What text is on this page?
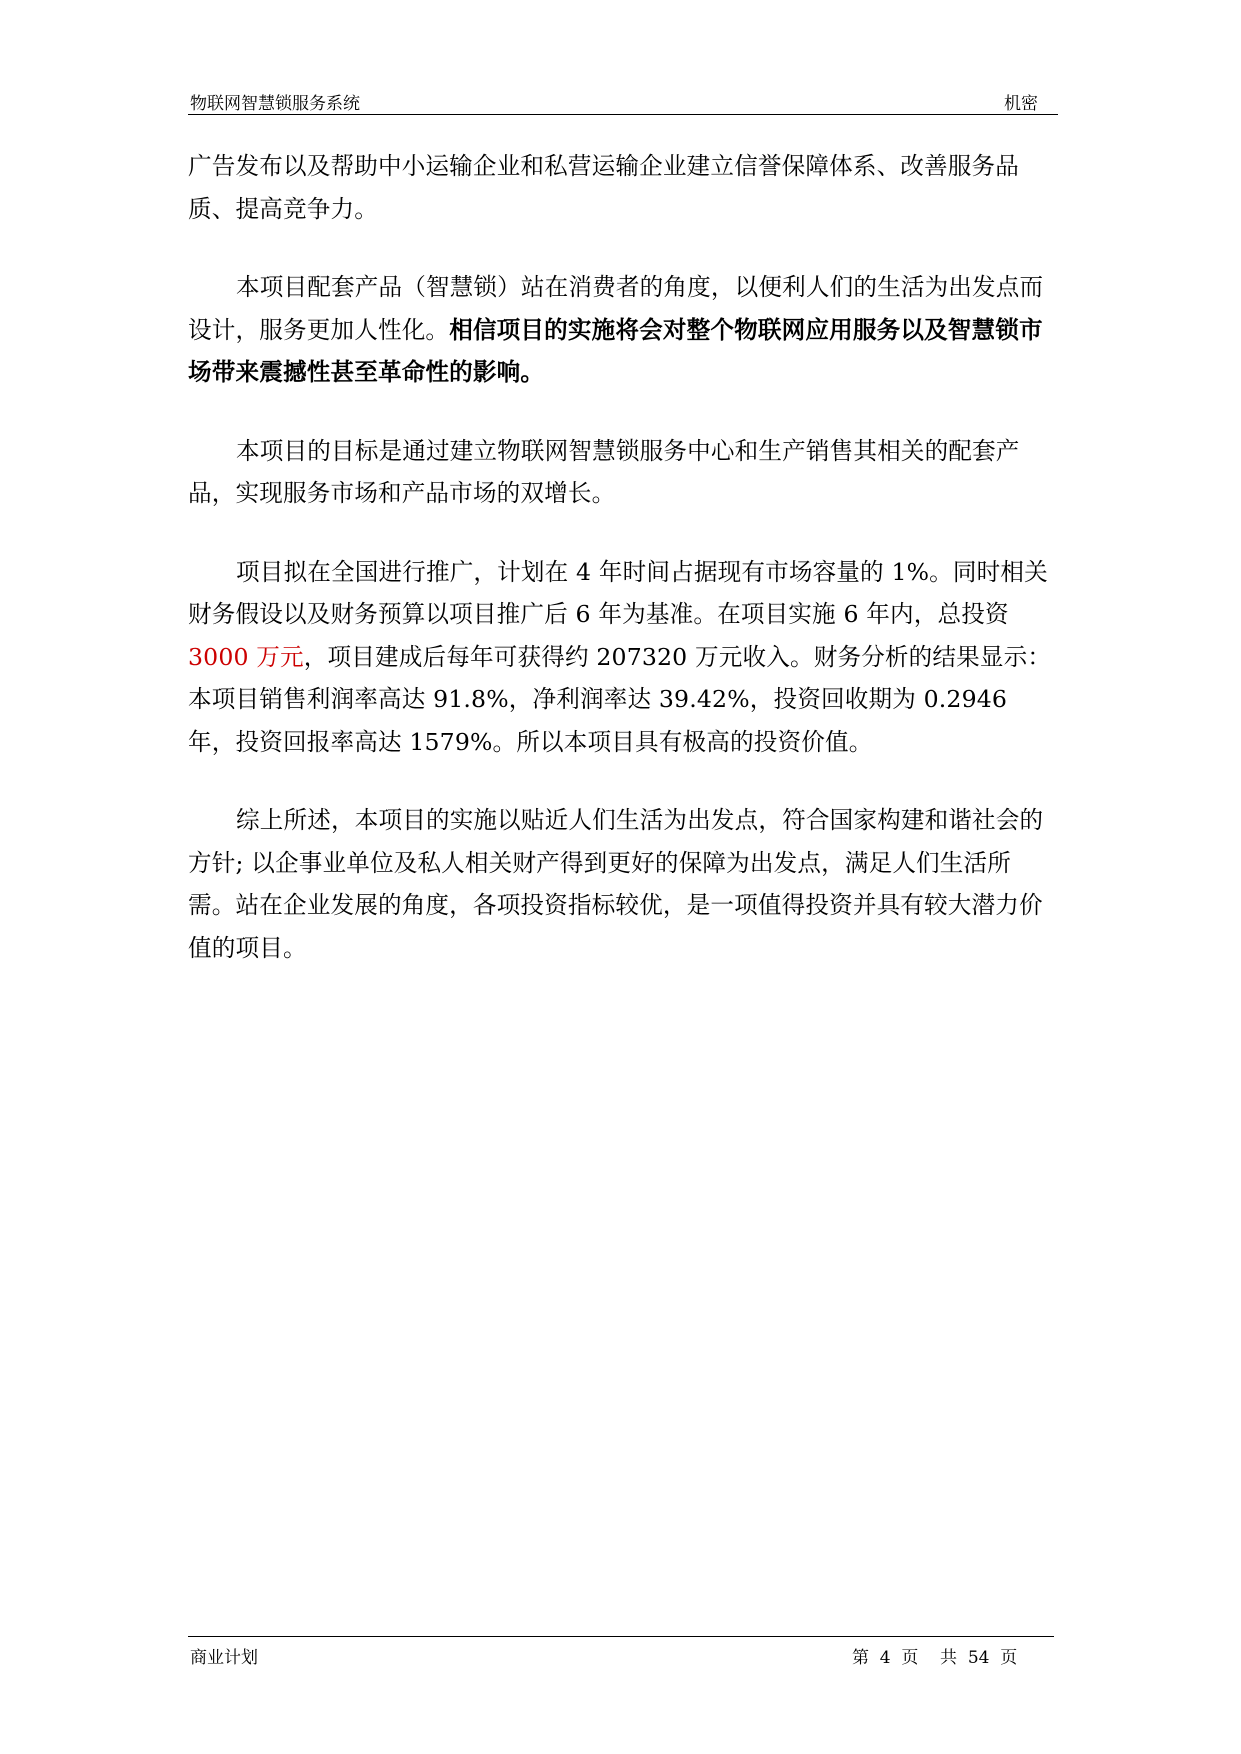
物联网智慧锁服务系统	机密

广告发布以及帮助中小运输企业和私营运输企业建立信誉保障体系、改善服务品质、提高竞争力。

本项目配套产品（智慧锁）站在消费者的角度，以便利人们的生活为出发点而设计，服务更加人性化。相信项目的实施将会对整个物联网应用服务以及智慧锁市场带来震撼性甚至革命性的影响。

本项目的目标是通过建立物联网智慧锁服务中心和生产销售其相关的配套产品，实现服务市场和产品市场的双增长。

项目拟在全国进行推广，计划在 4 年时间占据现有市场容量的 1%。同时相关财务假设以及财务预算以项目推广后 6 年为基准。在项目实施 6 年内，总投资3000 万元，项目建成后每年可获得约 207320 万元收入。财务分析的结果显示：本项目销售利润率高达 91.8%，净利润率达 39.42%，投资回收期为 0.2946 年，投资回报率高达 1579%。所以本项目具有极高的投资价值。

综上所述，本项目的实施以贴近人们生活为出发点，符合国家构建和谐社会的方针; 以企事业单位及私人相关财产得到更好的保障为出发点，满足人们生活所需。站在企业发展的角度，各项投资指标较优，是一项值得投资并具有较大潜力价值的项目。

商业计划	第  4  页    共  54  页
